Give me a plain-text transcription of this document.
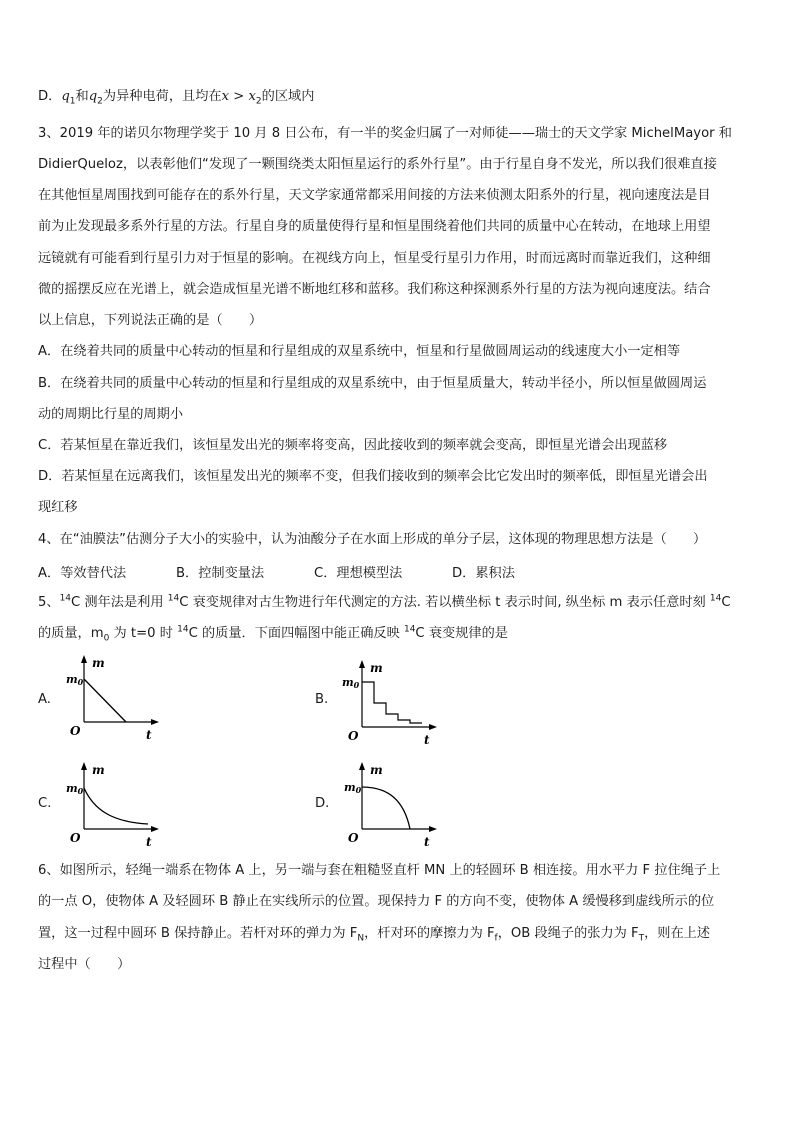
D．$q_1$和$q_2$为异种电荷，且均在$x > x_2$的区域内
3、2019 年的诺贝尔物理学奖于 10 月 8 日公布，有一半的奖金归属了一对师徒——瑞士的天文学家 MichelMayor 和
DidierQueloz，以表彰他们“发现了一颗围绕类太阳恒星运行的系外行星”。由于行星自身不发光，所以我们很难直接
在其他恒星周围找到可能存在的系外行星，天文学家通常都采用间接的方法来侦测太阳系外的行星，视向速度法是目
前为止发现最多系外行星的方法。行星自身的质量使得行星和恒星围绕着他们共同的质量中心在转动，在地球上用望
远镜就有可能看到行星引力对于恒星的影响。在视线方向上，恒星受行星引力作用，时而远离时而靠近我们，这种细
微的摇摆反应在光谱上，就会造成恒星光谱不断地红移和蓝移。我们称这种探测系外行星的方法为视向速度法。结合
以上信息，下列说法正确的是（　　）
A．在绕着共同的质量中心转动的恒星和行星组成的双星系统中，恒星和行星做圆周运动的线速度大小一定相等
B．在绕着共同的质量中心转动的恒星和行星组成的双星系统中，由于恒星质量大，转动半径小，所以恒星做圆周运
动的周期比行星的周期小
C．若某恒星在靠近我们，该恒星发出光的频率将变高，因此接收到的频率就会变高，即恒星光谱会出现蓝移
D．若某恒星在远离我们，该恒星发出光的频率不变，但我们接收到的频率会比它发出时的频率低，即恒星光谱会出
现红移
4、在“油膜法”估测分子大小的实验中，认为油酸分子在水面上形成的单分子层，这体现的物理思想方法是（　　）
A．等效替代法	B．控制变量法	C．理想模型法	D．累积法
5、$^{14}$C 测年法是利用 $^{14}$C 衰变规律对古生物进行年代测定的方法. 若以横坐标 t 表示时间, 纵坐标 m 表示任意时刻 $^{14}$C
的质量，$m_0$ 为 t=0 时 $^{14}$C 的质量．下面四幅图中能正确反映 $^{14}$C 衰变规律的是
A.	B.
C.	D.
m
m0
O	t
m
m0
O	t
m
m0
O	t
m
m0
O	t
6、如图所示，轻绳一端系在物体 A 上，另一端与套在粗糙竖直杆 MN 上的轻圆环 B 相连接。用水平力 F 拉住绳子上
的一点 O，使物体 A 及轻圆环 B 静止在实线所示的位置。现保持力 F 的方向不变，使物体 A 缓慢移到虚线所示的位
置，这一过程中圆环 B 保持静止。若杆对环的弹力为 $F_N$，杆对环的摩擦力为 $F_f$，OB 段绳子的张力为 $F_T$，则在上述
过程中（　　）
